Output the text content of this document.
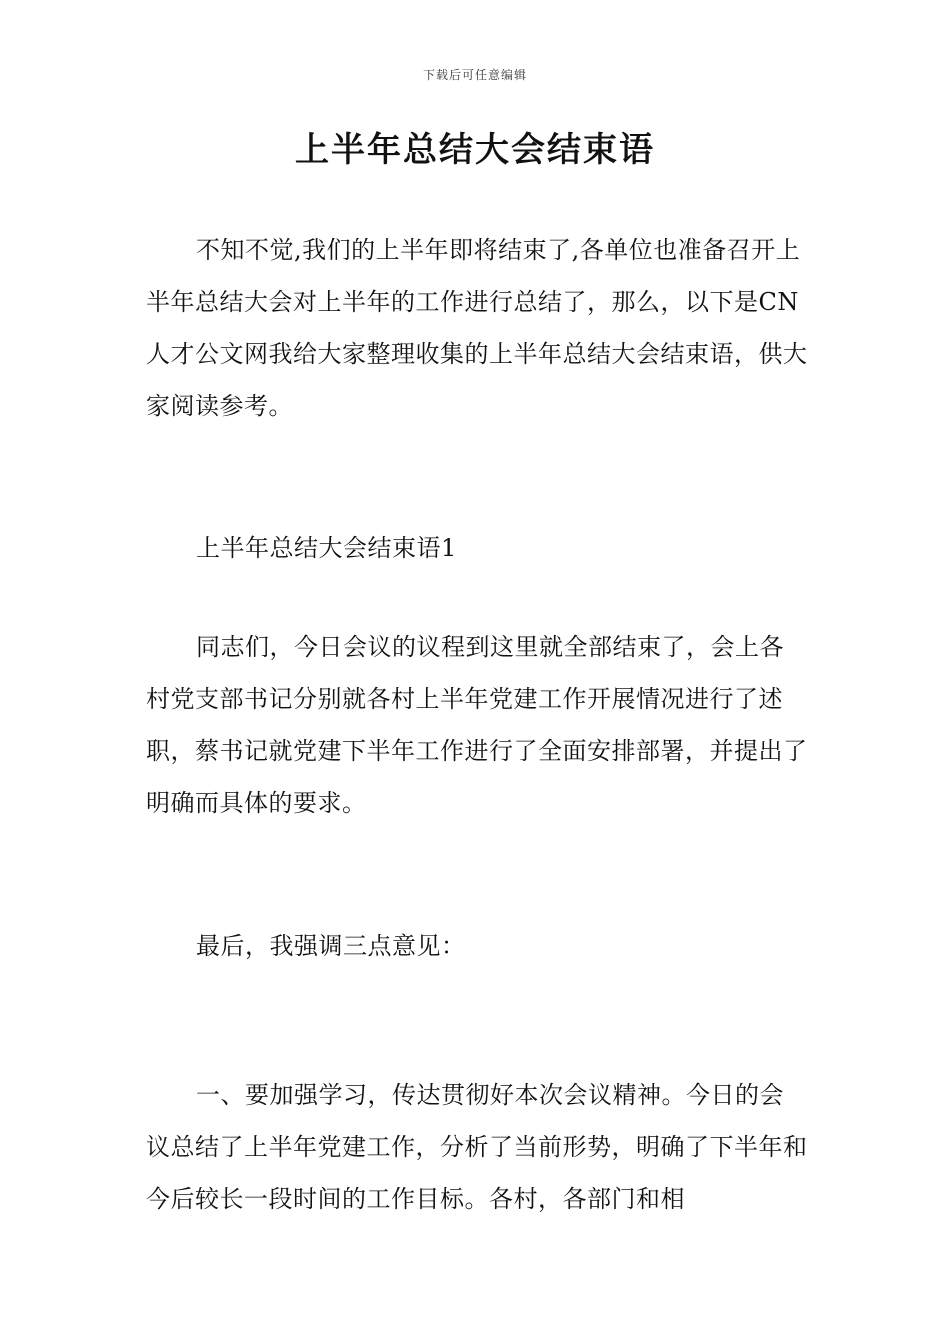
下载后可任意编辑
上半年总结大会结束语

不知不觉,我们的上半年即将结束了,各单位也准备召开上半年总结大会对上半年的工作进行总结了，那么，以下是CN人才公文网我给大家整理收集的上半年总结大会结束语，供大家阅读参考。

上半年总结大会结束语1

同志们，今日会议的议程到这里就全部结束了，会上各村党支部书记分别就各村上半年党建工作开展情况进行了述职，蔡书记就党建下半年工作进行了全面安排部署，并提出了明确而具体的要求。

最后，我强调三点意见：

一、要加强学习，传达贯彻好本次会议精神。今日的会议总结了上半年党建工作，分析了当前形势，明确了下半年和今后较长一段时间的工作目标。各村，各部门和相
